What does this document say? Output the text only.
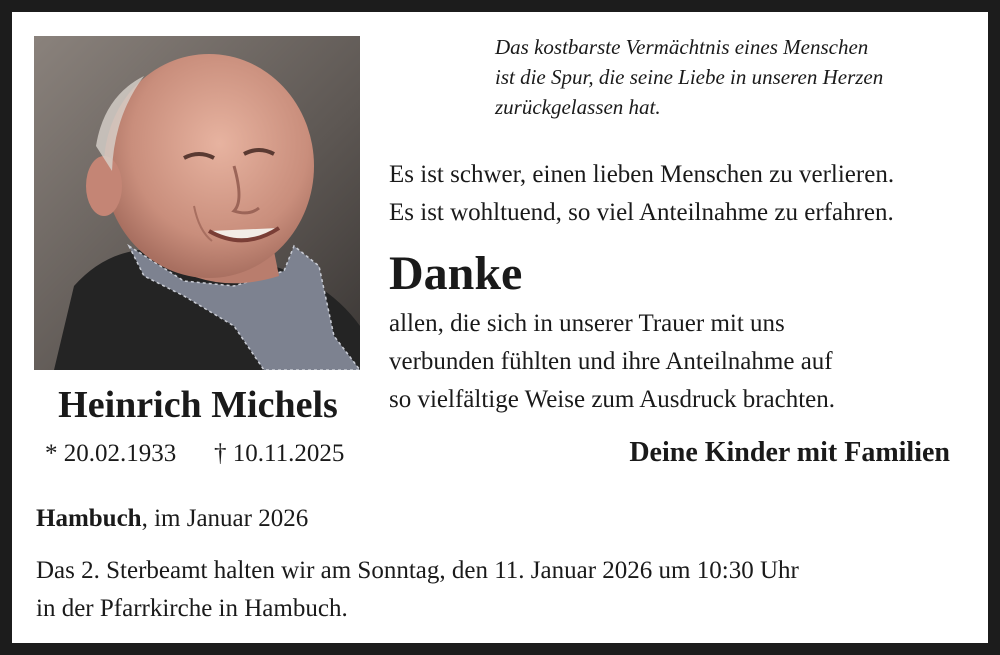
Heinrich Michels
* 20.02.1933 † 10.11.2025
Das kostbarste Vermächtnis eines Menschen
ist die Spur, die seine Liebe in unseren Herzen
zurückgelassen hat.
Es ist schwer, einen lieben Menschen zu verlieren.
Es ist wohltuend, so viel Anteilnahme zu erfahren.
Danke
allen, die sich in unserer Trauer mit uns
verbunden fühlten und ihre Anteilnahme auf
so vielfältige Weise zum Ausdruck brachten.
Deine Kinder mit Familien
Hambuch, im Januar 2026
Das 2. Sterbeamt halten wir am Sonntag, den 11. Januar 2026 um 10:30 Uhr
in der Pfarrkirche in Hambuch.
